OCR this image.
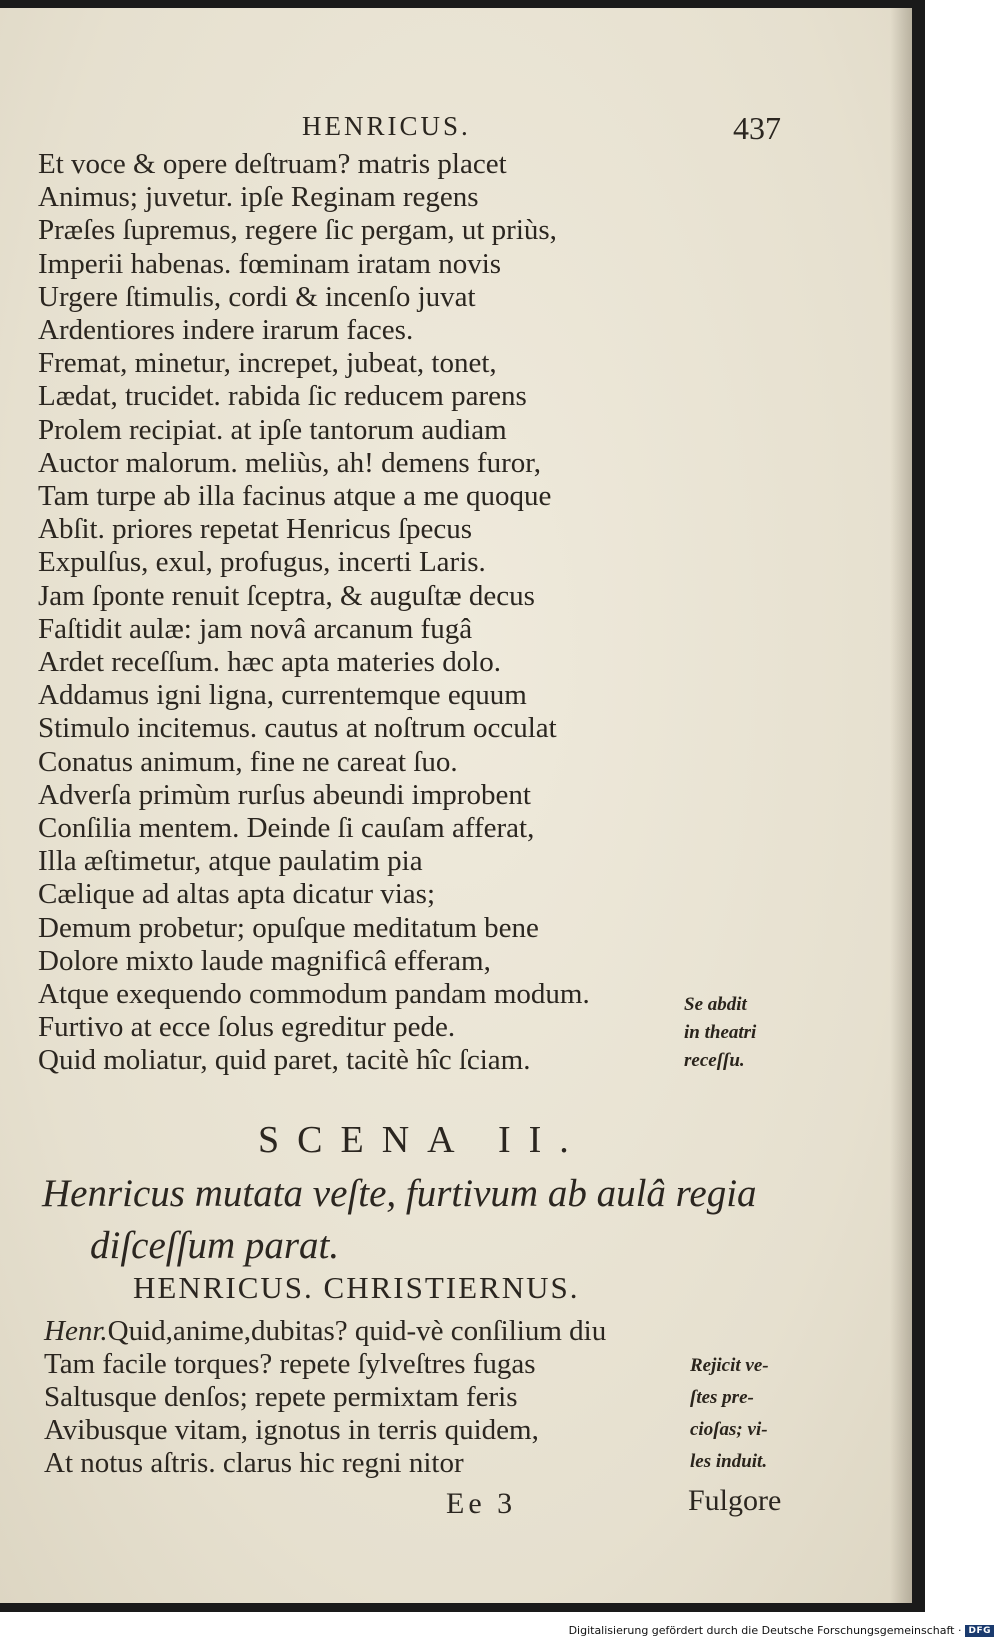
HENRICUS.	437
Et voce & opere deſtruam? matris placet
Animus; juvetur. ipſe Reginam regens
Præſes ſupremus, regere ſic pergam, ut priùs,
Imperii habenas. fœminam iratam novis
Urgere ſtimulis, cordi & incenſo juvat
Ardentiores indere irarum faces.
Fremat, minetur, increpet, jubeat, tonet,
Lædat, trucidet. rabida ſic reducem parens
Prolem recipiat. at ipſe tantorum audiam
Auctor malorum. meliùs, ah! demens furor,
Tam turpe ab illa facinus atque a me quoque
Abſit. priores repetat Henricus ſpecus
Expulſus, exul, profugus, incerti Laris.
Jam ſponte renuit ſceptra, & auguſtæ decus
Faſtidit aulæ: jam novâ arcanum fugâ
Ardet receſſum. hæc apta materies dolo.
Addamus igni ligna, currentemque equum
Stimulo incitemus. cautus at noſtrum occulat
Conatus animum, fine ne careat ſuo.
Adverſa primùm rurſus abeundi improbent
Conſilia mentem. Deinde ſi cauſam afferat,
Illa æſtimetur, atque paulatim pia
Cælique ad altas apta dicatur vias;
Demum probetur; opuſque meditatum bene
Dolore mixto laude magnificâ efferam,
Atque exequendo commodum pandam modum.
Furtivo at ecce ſolus egreditur pede.
Quid moliatur, quid paret, tacitè hîc ſciam.
Se abdit
in theatri
receſſu.
SCENA II.
Henricus mutata veſte, furtivum ab aulâ regia diſceſſum parat.
HENRICUS. CHRISTIERNUS.
Henr.Quid,anime,dubitas? quid-vè conſilium diu
Tam facile torques? repete ſylveſtres fugas
Saltusque denſos; repete permixtam feris
Avibusque vitam, ignotus in terris quidem,
At notus aſtris. clarus hic regni nitor
Rejicit ve-
ſtes pre-
cioſas; vi-
les induit.
Ee 3	Fulgore
Digitalisierung gefördert durch die Deutsche Forschungsgemeinschaft · DFG
